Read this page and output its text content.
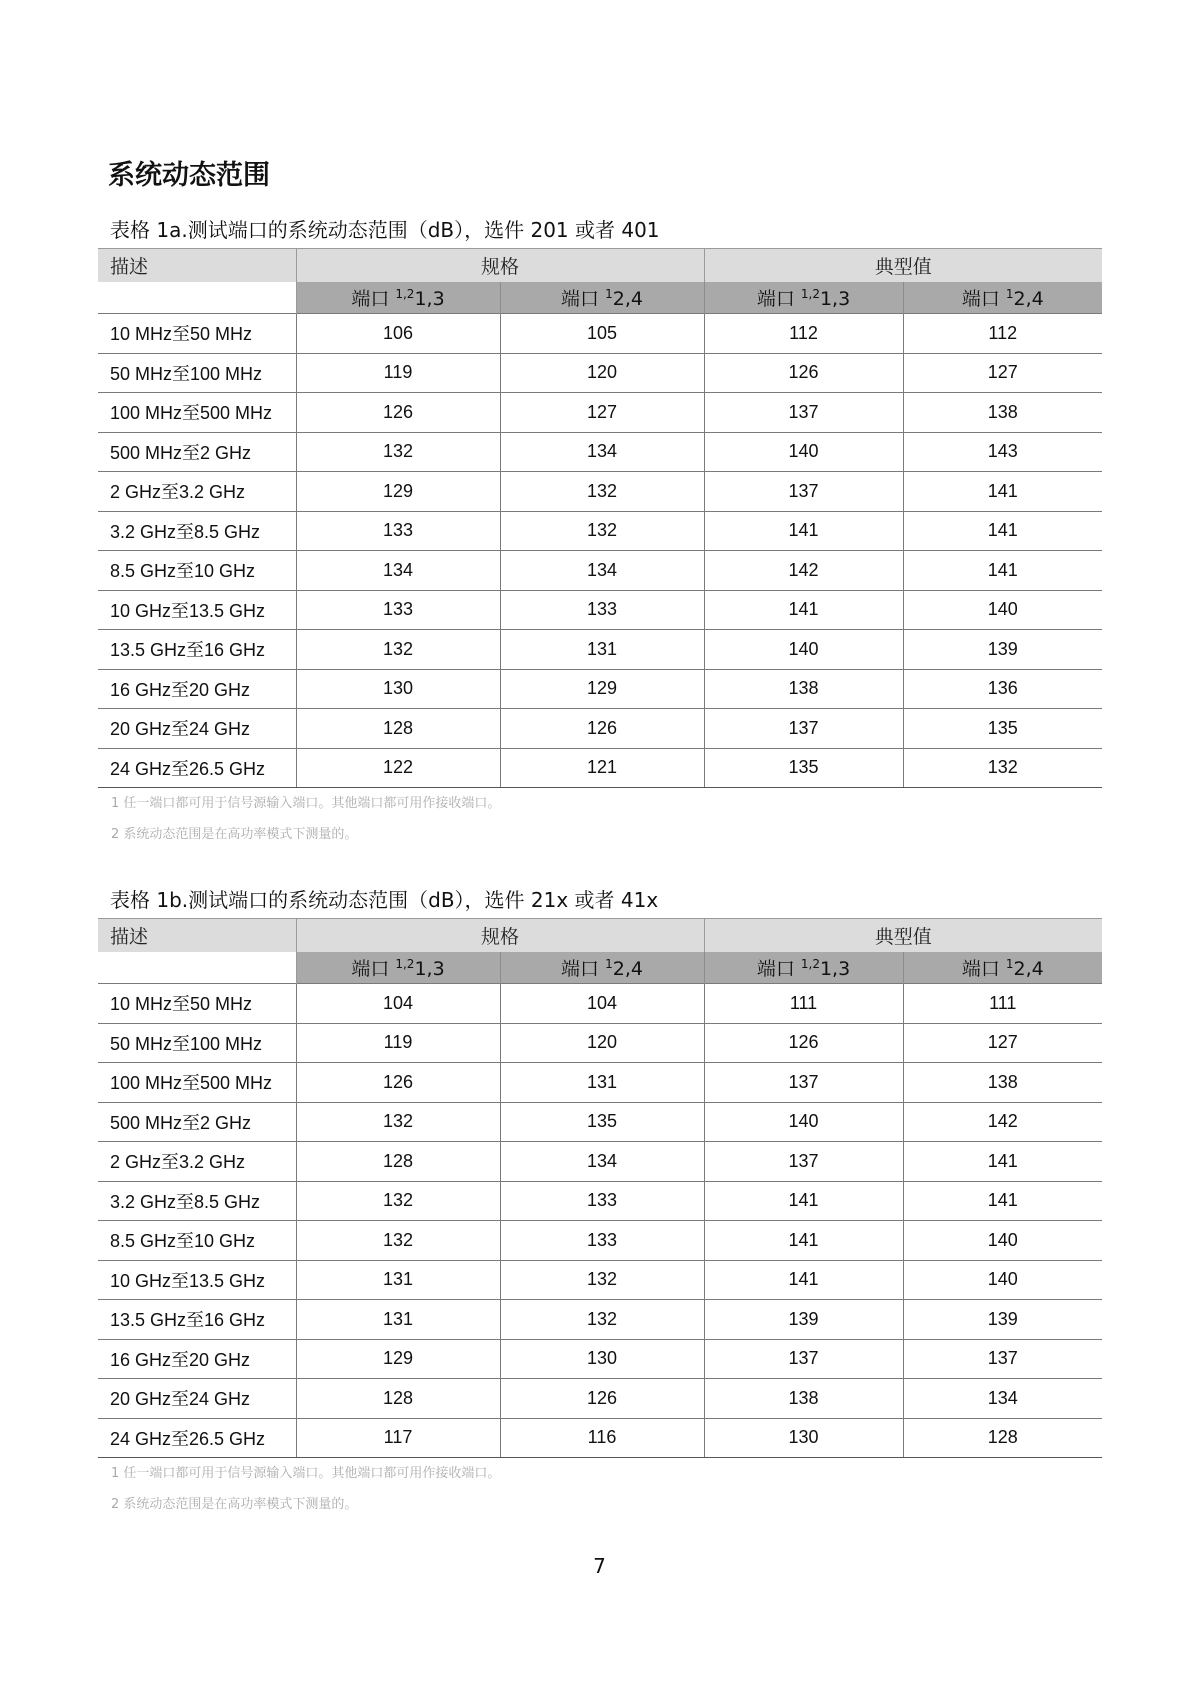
系统动态范围
表格 1a.测试端口的系统动态范围（dB），选件 201 或者 401
描述	规格		典型值	
	端口 $^{1,2}$1,3	端口 $^1$2,4	端口 $^{1,2}$1,3	端口 $^1$2,4
10 MHz至50 MHz	106	105	112	112
50 MHz至100 MHz	119	120	126	127
100 MHz至500 MHz	126	127	137	138
500 MHz至2 GHz	132	134	140	143
2 GHz至3.2 GHz	129	132	137	141
3.2 GHz至8.5 GHz	133	132	141	141
8.5 GHz至10 GHz	134	134	142	141
10 GHz至13.5 GHz	133	133	141	140
13.5 GHz至16 GHz	132	131	140	139
16 GHz至20 GHz	130	129	138	136
20 GHz至24 GHz	128	126	137	135
24 GHz至26.5 GHz	122	121	135	132
1 任一端口都可用于信号源输入端口。其他端口都可用作接收端口。
2 系统动态范围是在高功率模式下测量的。
表格 1b.测试端口的系统动态范围（dB），选件 21x 或者 41x
描述	规格		典型值	
	端口 $^{1,2}$1,3	端口 $^1$2,4	端口 $^{1,2}$1,3	端口 $^1$2,4
10 MHz至50 MHz	104	104	111	111
50 MHz至100 MHz	119	120	126	127
100 MHz至500 MHz	126	131	137	138
500 MHz至2 GHz	132	135	140	142
2 GHz至3.2 GHz	128	134	137	141
3.2 GHz至8.5 GHz	132	133	141	141
8.5 GHz至10 GHz	132	133	141	140
10 GHz至13.5 GHz	131	132	141	140
13.5 GHz至16 GHz	131	132	139	139
16 GHz至20 GHz	129	130	137	137
20 GHz至24 GHz	128	126	138	134
24 GHz至26.5 GHz	117	116	130	128
1 任一端口都可用于信号源输入端口。其他端口都可用作接收端口。
2 系统动态范围是在高功率模式下测量的。
7
